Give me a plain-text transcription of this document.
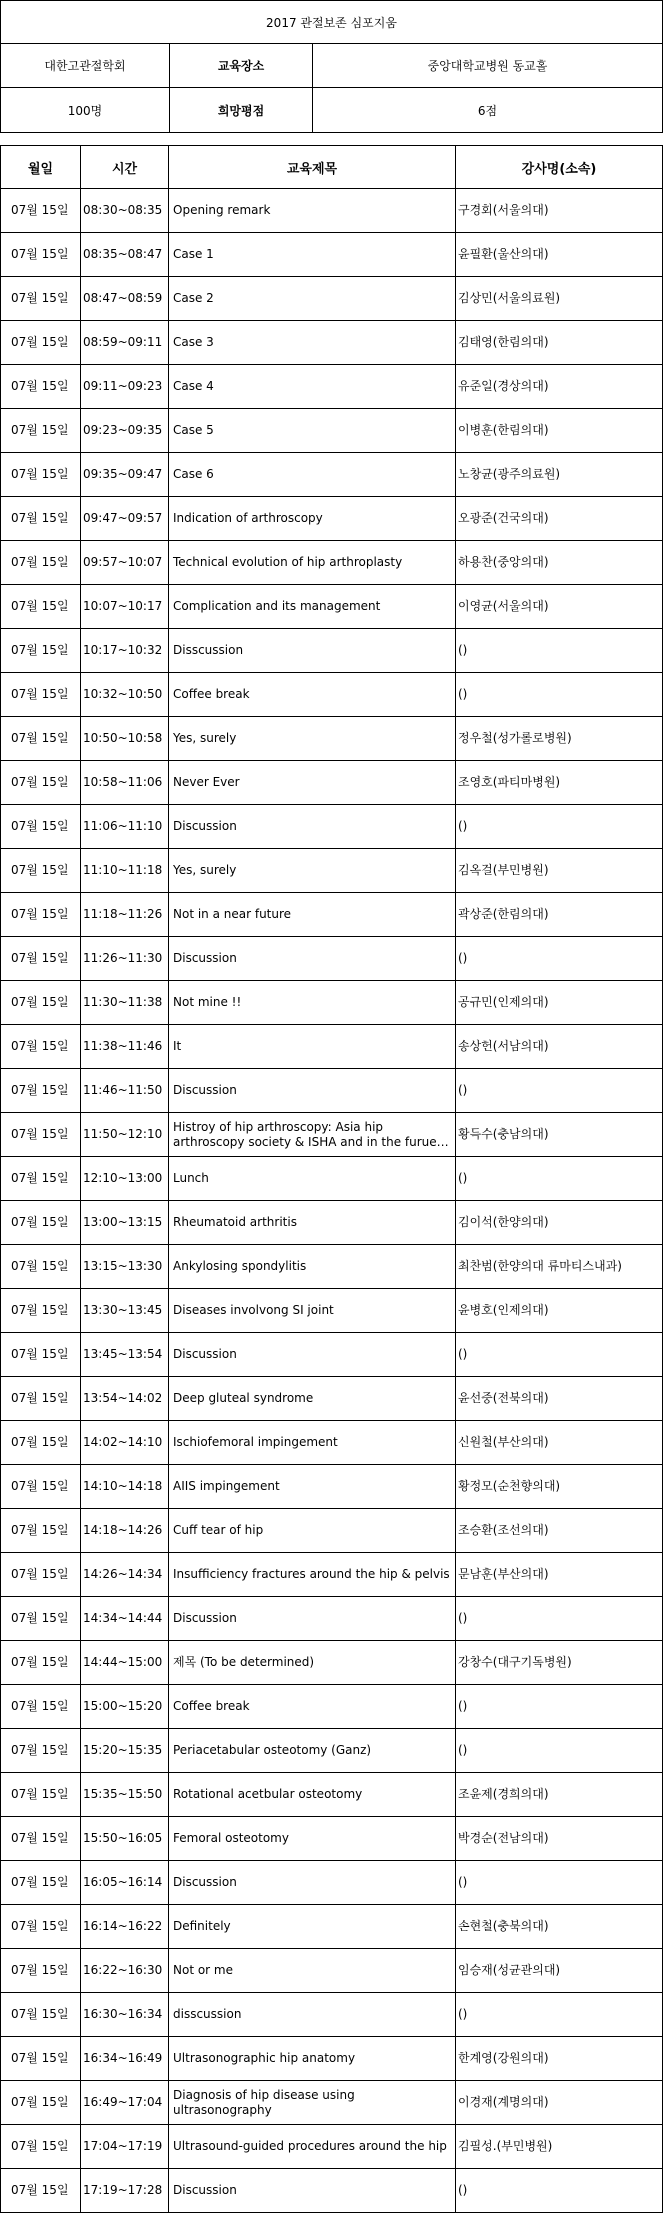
2017 관절보존 심포지움		
대한고관절학회	교육장소	중앙대학교병원 동교홀
100명	희망평점	6점
월일	시간	교육제목	강사명(소속)
07월 15일	08:30~08:35	Opening remark	구경회(서울의대)
07월 15일	08:35~08:47	Case 1	윤필환(울산의대)
07월 15일	08:47~08:59	Case 2	김상민(서울의료원)
07월 15일	08:59~09:11	Case 3	김태영(한림의대)
07월 15일	09:11~09:23	Case 4	유준일(경상의대)
07월 15일	09:23~09:35	Case 5	이병훈(한림의대)
07월 15일	09:35~09:47	Case 6	노창균(광주의료원)
07월 15일	09:47~09:57	Indication of arthroscopy	오광준(건국의대)
07월 15일	09:57~10:07	Technical evolution of hip arthroplasty	하용찬(중앙의대)
07월 15일	10:07~10:17	Complication and its management	이영균(서울의대)
07월 15일	10:17~10:32	Disscussion	()
07월 15일	10:32~10:50	Coffee break	()
07월 15일	10:50~10:58	Yes, surely	정우철(성가롤로병원)
07월 15일	10:58~11:06	Never Ever	조영호(파티마병원)
07월 15일	11:06~11:10	Discussion	()
07월 15일	11:10~11:18	Yes, surely	김옥걸(부민병원)
07월 15일	11:18~11:26	Not in a near future	곽상준(한림의대)
07월 15일	11:26~11:30	Discussion	()
07월 15일	11:30~11:38	Not mine !!	공규민(인제의대)
07월 15일	11:38~11:46	It	송상헌(서남의대)
07월 15일	11:46~11:50	Discussion	()
07월 15일	11:50~12:10	Histroy of hip arthroscopy: Asia hip arthroscopy society & ISHA and in the furue…	황득수(충남의대)
07월 15일	12:10~13:00	Lunch	()
07월 15일	13:00~13:15	Rheumatoid arthritis	김이석(한양의대)
07월 15일	13:15~13:30	Ankylosing spondylitis	최찬범(한양의대 류마티스내과)
07월 15일	13:30~13:45	Diseases involvong SI joint	윤병호(인제의대)
07월 15일	13:45~13:54	Discussion	()
07월 15일	13:54~14:02	Deep gluteal syndrome	윤선중(전북의대)
07월 15일	14:02~14:10	Ischiofemoral impingement	신원철(부산의대)
07월 15일	14:10~14:18	AIIS impingement	황정모(순천향의대)
07월 15일	14:18~14:26	Cuff tear of hip	조승환(조선의대)
07월 15일	14:26~14:34	Insufficiency fractures around the hip & pelvis	문남훈(부산의대)
07월 15일	14:34~14:44	Discussion	()
07월 15일	14:44~15:00	제목 (To be determined)	강창수(대구기독병원)
07월 15일	15:00~15:20	Coffee break	()
07월 15일	15:20~15:35	Periacetabular osteotomy (Ganz)	()
07월 15일	15:35~15:50	Rotational acetbular osteotomy	조윤제(경희의대)
07월 15일	15:50~16:05	Femoral osteotomy	박경순(전남의대)
07월 15일	16:05~16:14	Discussion	()
07월 15일	16:14~16:22	Definitely	손현철(충북의대)
07월 15일	16:22~16:30	Not or me	임승재(성균관의대)
07월 15일	16:30~16:34	disscussion	()
07월 15일	16:34~16:49	Ultrasonographic hip anatomy	한계영(강원의대)
07월 15일	16:49~17:04	Diagnosis of hip disease using ultrasonography	이경재(계명의대)
07월 15일	17:04~17:19	Ultrasound-guided procedures around the hip	김필성.(부민병원)
07월 15일	17:19~17:28	Discussion	()
